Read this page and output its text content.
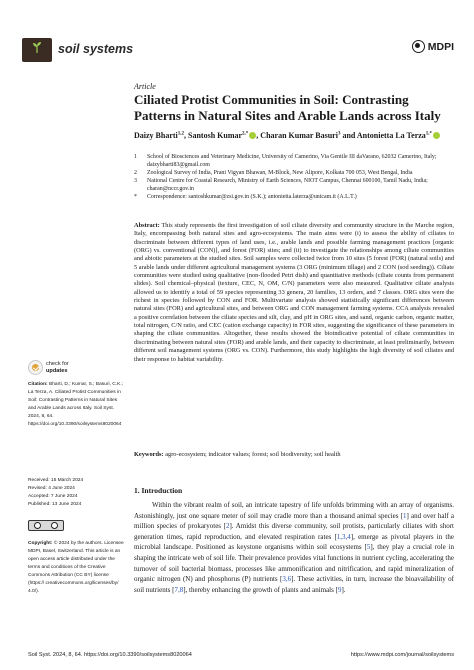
soil systems	MDPI
Article
Ciliated Protist Communities in Soil: Contrasting Patterns in Natural Sites and Arable Lands across Italy
Daizy Bharti$^{1,2}$, Santosh Kumar$^{2,*}$ , Charan Kumar Basuri$^3$ and Antonietta La Terza$^{1,*}$
1	School of Biosciences and Veterinary Medicine, University of Camerino, Via Gentile III daVarano, 62032 Camerino, Italy; daizybharti83@gmail.com
2	Zoological Survey of India, Prani Vigyan Bhawan, M-Block, New Alipore, Kolkata 700 053, West Bengal, India
3	National Centre for Coastal Research, Ministry of Earth Sciences, NIOT Campus, Chennai 600100, Tamil Nadu, India; charan@nccr.gov.in
*	Correspondence: santoshkumar@zsi.gov.in (S.K.); antonietta.laterza@unicam.it (A.L.T.)
Abstract: This study represents the first investigation of soil ciliate diversity and community structure in the Marche region, Italy, encompassing both natural sites and agro-ecosystems. The main aims were (i) to assess the ability of ciliates to discriminate between different types of land uses, i.e., arable lands and possible farming management practices [organic (ORG) vs. conventional (CON)], and forest (FOR) sites; and (ii) to investigate the relationships among ciliate communities and abiotic parameters at the studied sites. Soil samples were collected twice from 10 sites (5 forest (FOR) (natural soils) and 5 arable lands under different agricultural management systems (3 ORG (minimum tillage) and 2 CON (sod seeding)). Ciliate communities were studied using qualitative (non-flooded Petri dish) and quantitative methods (ciliate counts from permanent slides). Soil chemical–physical (texture, CEC, N, OM, C/N) parameters were also measured. Qualitative ciliate analysis allowed us to identify a total of 59 species representing 33 genera, 20 families, 13 orders, and 7 classes. ORG sites were the richest in species followed by CON and FOR. Multivariate analysis showed statistically significant differences between natural sites (FOR) and agricultural sites, and between ORG and CON management farming systems. CCA analysis revealed a positive correlation between the ciliate species and silt, clay, and pH in ORG sites, and sand, organic carbon, organic matter, total nitrogen, C/N ratio, and CEC (cation exchange capacity) in FOR sites, suggesting the significance of these parameters in shaping the ciliate communities. Altogether, these results showed the bioindicative potential of ciliate communities in discriminating between natural sites (FOR) and arable lands, and their capacity to discriminate, at least preliminarily, between different soil management systems (ORG vs. CON). Furthermore, this study highlights the high diversity of soil ciliates and their response to habitat variability.
Keywords: agro-ecosystem; indicator values; forest; soil biodiversity; soil health
1. Introduction
Within the vibrant realm of soil, an intricate tapestry of life unfolds brimming with an array of organisms. Astonishingly, just one square meter of soil may cradle more than a thousand animal species [1] and over half a million species of prokaryotes [2]. Amidst this diverse community, soil protists, particularly ciliates with short generation times, rapid reproduction, and elevated respiration rates [1,3,4], emerge as pivotal players in the microbial landscape. Positioned as keystone organisms within soil ecosystems [5], they play a crucial role in shaping the intricate web of soil life. Their prevalence provides vital functions in nutrient cycling, accelerating the turnover of soil bacterial biomass, processes like ammonification and nitrification, and rapid mineralization of organic nitrogen (N) and phosphorus (P) nutrients [3,6]. These activities, in turn, increase the bioavailability of soil nutrients [7,8], thereby enhancing the growth of plants and animals [9].
check for
updates
Citation: Bharti, D.; Kumar, S.; Basuri, C.K.; La Terza, A. Ciliated Protist Communities in Soil: Contrasting Patterns in Natural Sites and Arable Lands across Italy. Soil Syst. 2024, 8, 64. https://doi.org/10.3390/soilsystems8020064
Received: 15 March 2024
Revised: 4 June 2024
Accepted: 7 June 2024
Published: 13 June 2024
Copyright: © 2024 by the authors. Licensee MDPI, Basel, Switzerland. This article is an open access article distributed under the terms and conditions of the Creative Commons Attribution (CC BY) license (https:// creativecommons.org/licenses/by/ 4.0/).
Soil Syst. 2024, 8, 64. https://doi.org/10.3390/soilsystems8020064	https://www.mdpi.com/journal/soilsystems
